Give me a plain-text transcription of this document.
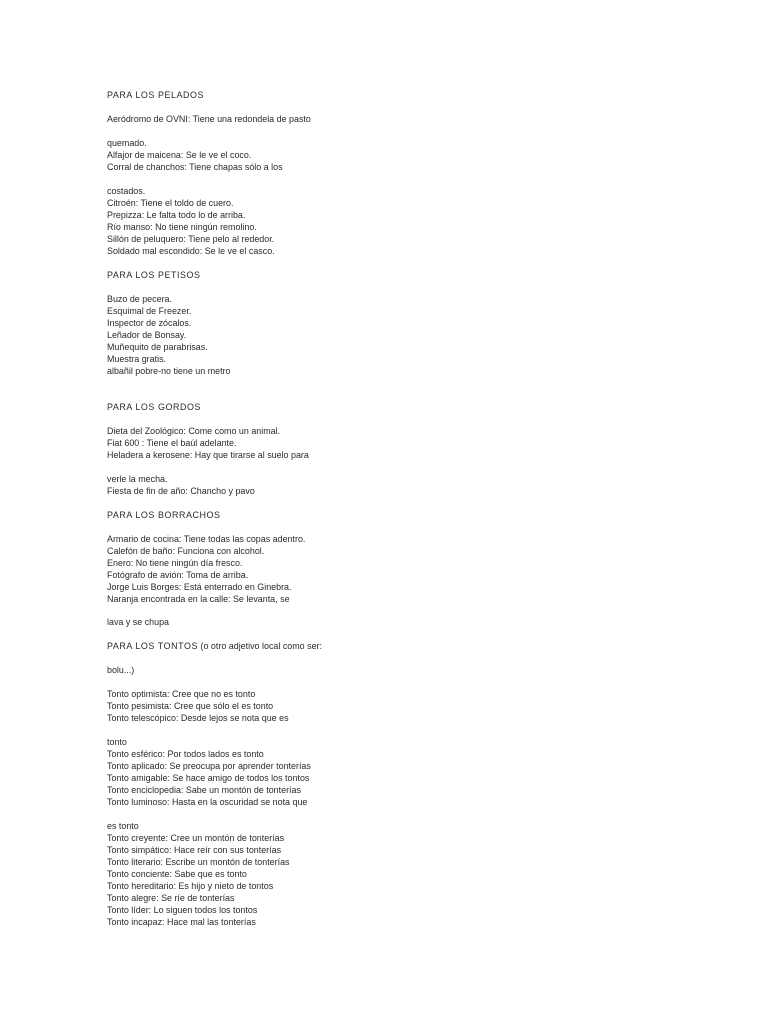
PARA LOS PELADOS
Aeródromo de OVNI: Tiene una redondela de pasto
quemado.
Alfajor de maicena: Se le ve el coco.
Corral de chanchos: Tiene chapas sólo a los
costados.
Citroén: Tiene el toldo de cuero.
Prepizza: Le falta todo lo de arriba.
Río manso: No tiene ningún remolino.
Sillón de peluquero: Tiene pelo al rededor.
Soldado mal escondido: Se le ve el casco.
PARA LOS PETISOS
Buzo de pecera.
Esquimal de Freezer.
Inspector de zócalos.
Leñador de Bonsay.
Muñequito de parabrisas.
Muestra gratis.
albañil pobre-no tiene un metro
PARA LOS GORDOS
Dieta del Zoológico: Come como un animal.
Fiat 600 : Tiene el baúl adelante.
Heladera a kerosene: Hay que tirarse al suelo para
verle la mecha.
Fiesta de fin de año: Chancho y pavo
PARA LOS BORRACHOS
Armario de cocina: Tiene todas las copas adentro.
Calefón de baño: Funciona con alcohol.
Enero: No tiene ningún día fresco.
Fotógrafo de avión: Toma de arriba.
Jorge Luis Borges: Está enterrado en Ginebra.
Naranja encontrada en la calle: Se levanta, se
lava y se chupa
PARA LOS TONTOS (o otro adjetivo local como ser:
bolu...)
Tonto optimista: Cree que no es tonto
Tonto pesimista: Cree que sólo el es tonto
Tonto telescópico: Desde lejos se nota que es
tonto
Tonto esférico: Por todos lados es tonto
Tonto aplicado: Se preocupa por aprender tonterías
Tonto amigable: Se hace amigo de todos los tontos
Tonto enciclopedia: Sabe un montón de tonterías
Tonto luminoso: Hasta en la oscuridad se nota que
es tonto
Tonto creyente: Cree un montón de tonterías
Tonto simpático: Hace reír con sus tonterías
Tonto literario: Escribe un montón de tonterías
Tonto conciente: Sabe que es tonto
Tonto hereditario: Es hijo y nieto de tontos
Tonto alegre: Se ríe de tonterías
Tonto líder: Lo siguen todos los tontos
Tonto incapaz: Hace mal las tonterías
